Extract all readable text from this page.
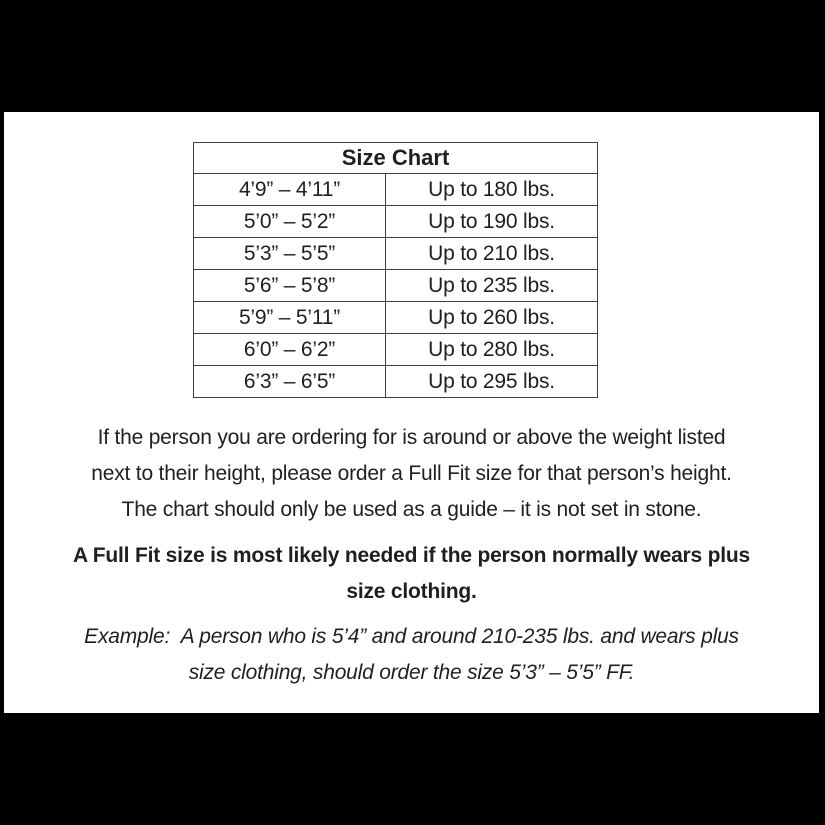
Size Chart	
4’9” – 4’11”	Up to 180 lbs.
5’0” – 5’2”	Up to 190 lbs.
5’3” – 5’5”	Up to 210 lbs.
5’6” – 5’8”	Up to 235 lbs.
5’9” – 5’11”	Up to 260 lbs.
6’0” – 6’2”	Up to 280 lbs.
6’3” – 6’5”	Up to 295 lbs.
If the person you are ordering for is around or above the weight listed
next to their height, please order a Full Fit size for that person’s height.
The chart should only be used as a guide – it is not set in stone.
A Full Fit size is most likely needed if the person normally wears plus
size clothing.
Example:  A person who is 5’4” and around 210-235 lbs. and wears plus
size clothing, should order the size 5’3” – 5’5” FF.
